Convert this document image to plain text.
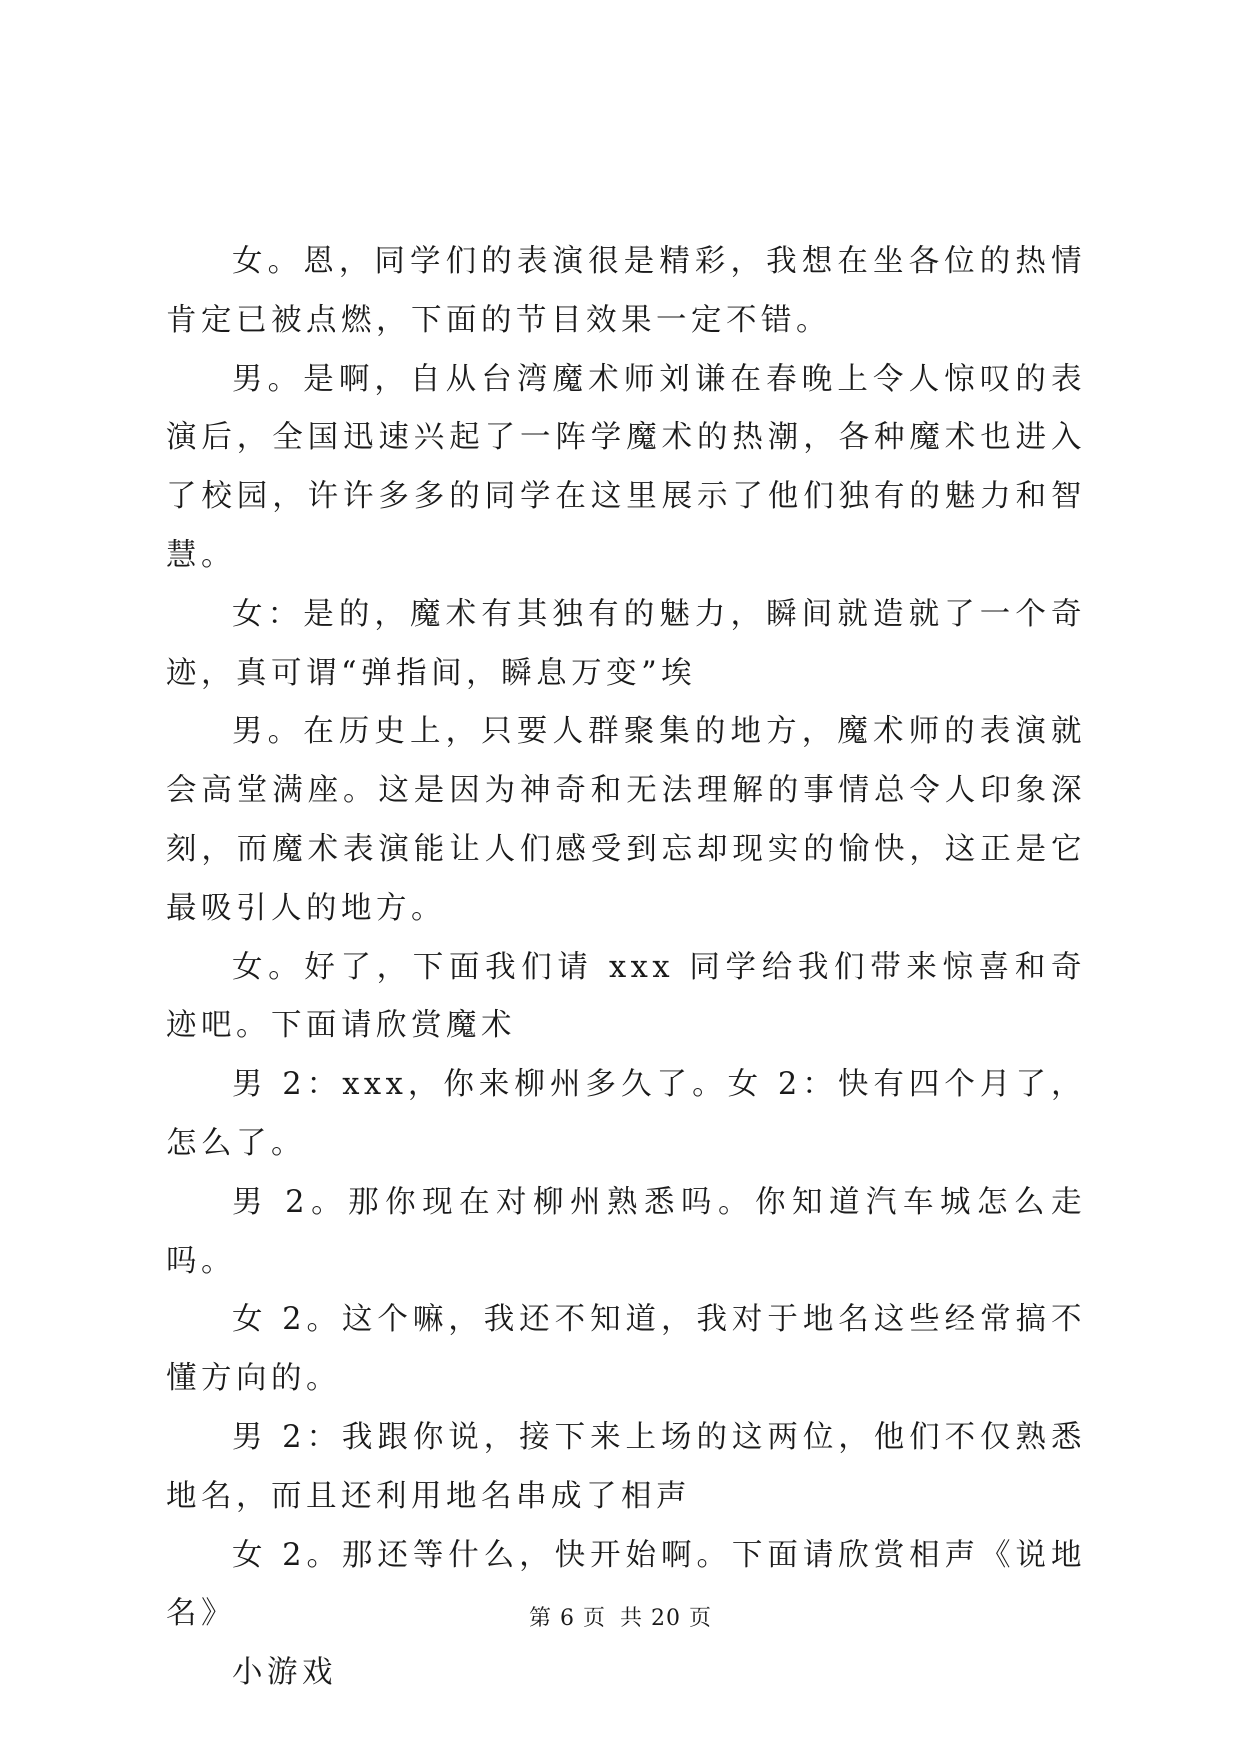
女。恩，同学们的表演很是精彩，我想在坐各位的热情肯定已被点燃，下面的节目效果一定不错。

男。是啊，自从台湾魔术师刘谦在春晚上令人惊叹的表演后，全国迅速兴起了一阵学魔术的热潮，各种魔术也进入了校园，许许多多的同学在这里展示了他们独有的魅力和智慧。

女：是的，魔术有其独有的魅力，瞬间就造就了一个奇迹，真可谓“弹指间，瞬息万变”埃

男。在历史上，只要人群聚集的地方，魔术师的表演就会高堂满座。这是因为神奇和无法理解的事情总令人印象深刻，而魔术表演能让人们感受到忘却现实的愉快，这正是它最吸引人的地方。

女。好了，下面我们请 xxx 同学给我们带来惊喜和奇迹吧。下面请欣赏魔术

男 2：xxx，你来柳州多久了。女 2：快有四个月了，怎么了。

男 2。那你现在对柳州熟悉吗。你知道汽车城怎么走吗。

女 2。这个嘛，我还不知道，我对于地名这些经常搞不懂方向的。

男 2：我跟你说，接下来上场的这两位，他们不仅熟悉地名，而且还利用地名串成了相声

女 2。那还等什么，快开始啊。下面请欣赏相声《说地名》

小游戏

第 6 页 共 20 页
